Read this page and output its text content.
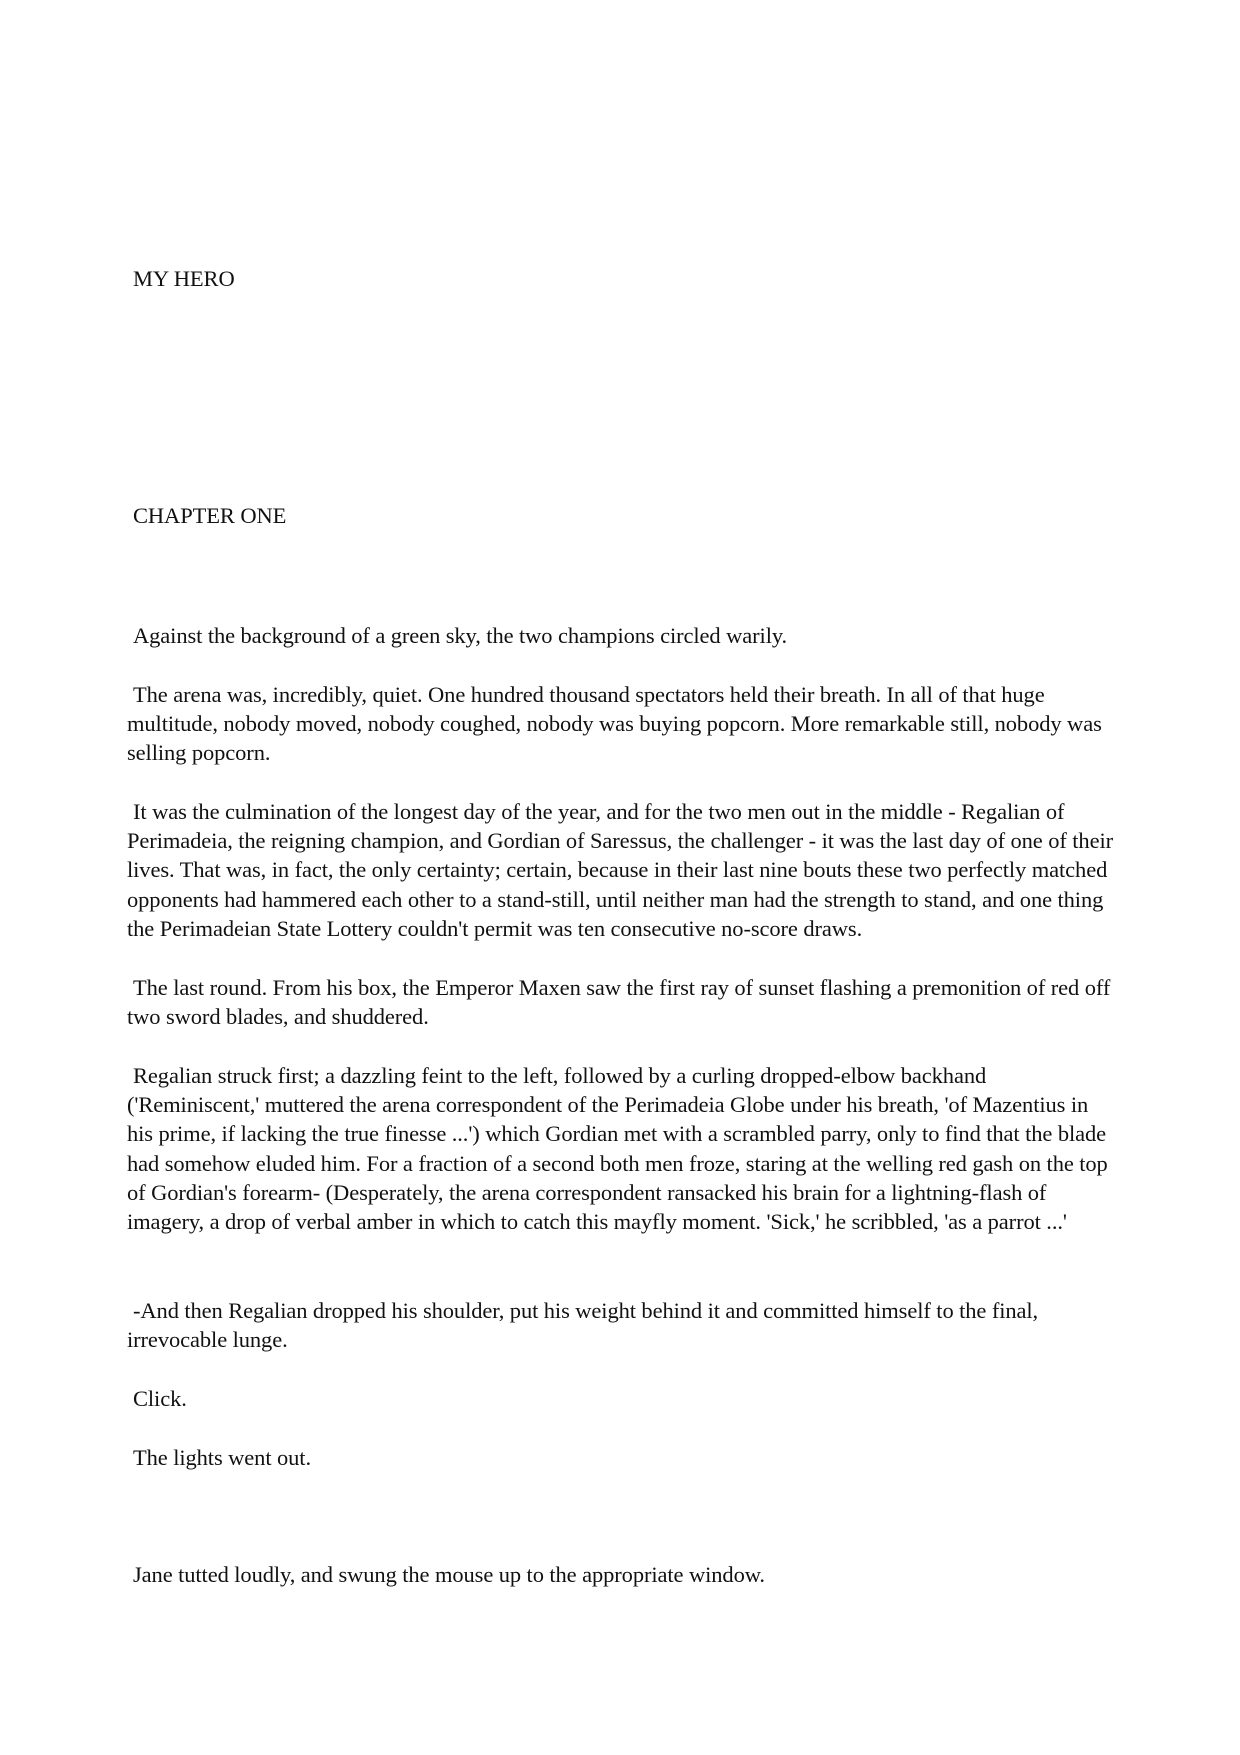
MY HERO

CHAPTER ONE

Against the background of a green sky, the two champions circled warily.

The arena was, incredibly, quiet. One hundred thousand spectators held their breath. In all of that huge multitude, nobody moved, nobody coughed, nobody was buying popcorn. More remarkable still, nobody was selling popcorn.

It was the culmination of the longest day of the year, and for the two men out in the middle - Regalian of Perimadeia, the reigning champion, and Gordian of Saressus, the challenger - it was the last day of one of their lives. That was, in fact, the only certainty; certain, because in their last nine bouts these two perfectly matched opponents had hammered each other to a stand-still, until neither man had the strength to stand, and one thing the Perimadeian State Lottery couldn't permit was ten consecutive no-score draws.

The last round. From his box, the Emperor Maxen saw the first ray of sunset flashing a premonition of red off two sword blades, and shuddered.

Regalian struck first; a dazzling feint to the left, followed by a curling dropped-elbow backhand ('Reminiscent,' muttered the arena correspondent of the Perimadeia Globe under his breath, 'of Mazentius in his prime, if lacking the true finesse ...') which Gordian met with a scrambled parry, only to find that the blade had somehow eluded him. For a fraction of a second both men froze, staring at the welling red gash on the top of Gordian's forearm- (Desperately, the arena correspondent ransacked his brain for a lightning-flash of imagery, a drop of verbal amber in which to catch this mayfly moment. 'Sick,' he scribbled, 'as a parrot ...'

-And then Regalian dropped his shoulder, put his weight behind it and committed himself to the final, irrevocable lunge.

Click.

The lights went out.

Jane tutted loudly, and swung the mouse up to the appropriate window.
